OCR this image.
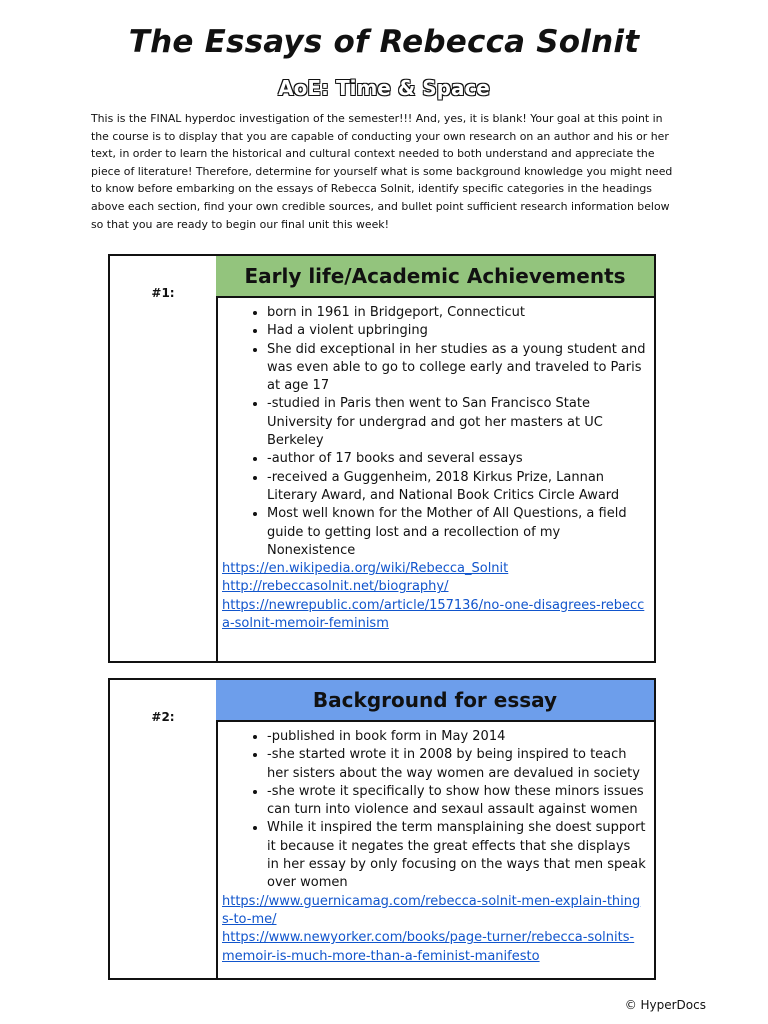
The Essays of Rebecca Solnit
AoE: Time & Space

This is the FINAL hyperdoc investigation of the semester!!! And, yes, it is blank! Your goal at this point in the course is to display that you are capable of conducting your own research on an author and his or her text, in order to learn the historical and cultural context needed to both understand and appreciate the piece of literature! Therefore, determine for yourself what is some background knowledge you might need to know before embarking on the essays of Rebecca Solnit, identify specific categories in the headings above each section, find your own credible sources, and bullet point sufficient research information below so that you are ready to begin our final unit this week!

#1:
Early life/Academic Achievements
• born in 1961 in Bridgeport, Connecticut
• Had a violent upbringing
• She did exceptional in her studies as a young student and was even able to go to college early and traveled to Paris at age 17
• -studied in Paris then went to San Francisco State University for undergrad and got her masters at UC Berkeley
• -author of 17 books and several essays
• -received a Guggenheim, 2018 Kirkus Prize, Lannan Literary Award, and National Book Critics Circle Award
• Most well known for the Mother of All Questions, a field guide to getting lost and a recollection of my Nonexistence
https://en.wikipedia.org/wiki/Rebecca_Solnit
http://rebeccasolnit.net/biography/
https://newrepublic.com/article/157136/no-one-disagrees-rebecca-solnit-memoir-feminism
#2:
Background for essay
• -published in book form in May 2014
• -she started wrote it in 2008 by being inspired to teach her sisters about the way women are devalued in society
• -she wrote it specifically to show how these minors issues can turn into violence and sexaul assault against women
• While it inspired the term mansplaining she doest support it because it negates the great effects that she displays in her essay by only focusing on the ways that men speak over women
https://www.guernicamag.com/rebecca-solnit-men-explain-things-to-me/
https://www.newyorker.com/books/page-turner/rebecca-solnits-memoir-is-much-more-than-a-feminist-manifesto
© HyperDocs
